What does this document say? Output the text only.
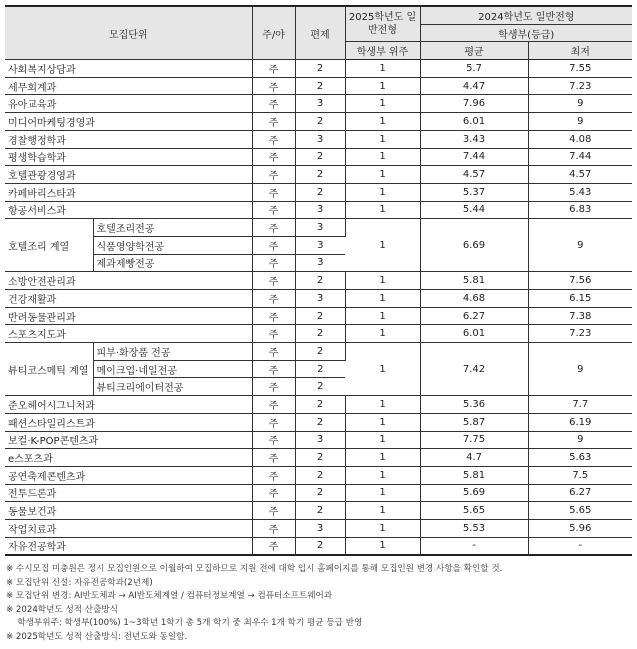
모집단위		주/야	편제	2025학년도 일반전형	2024학년도 일반전형	
					학생부(등급)	
				학생부 위주	평균	최저
사회복지상담과		주	2	1	5.7	7.55
세무회계과		주	2	1	4.47	7.23
유아교육과		주	3	1	7.96	9
미디어마케팅경영과		주	2	1	6.01	9
경찰행정학과		주	3	1	3.43	4.08
평생학습학과		주	2	1	7.44	7.44
호텔관광경영과		주	2	1	4.57	4.57
카페바리스타과		주	2	1	5.37	5.43
항공서비스과		주	3	1	5.44	6.83
호텔조리 계열	호텔조리전공	주	3	1	6.69	9
	식품영양학전공	주	3			
	제과제빵전공	주	3			
소방안전관리과		주	2	1	5.81	7.56
건강재활과		주	3	1	4.68	6.15
반려동물관리과		주	2	1	6.27	7.38
스포츠지도과		주	2	1	6.01	7.23
뷰티코스메틱 계열	피부·화장품 전공	주	2	1	7.42	9
	메이크업·네일전공	주	2			
	뷰티크리에이터전공	주	2			
준오헤어시그니처과		주	2	1	5.36	7.7
패션스타일리스트과		주	2	1	5.87	6.19
보컬·K-POP콘텐츠과		주	3	1	7.75	9
e스포츠과		주	2	1	4.7	5.63
공연축제콘텐츠과		주	2	1	5.81	7.5
전투드론과		주	2	1	5.69	6.27
동물보건과		주	2	1	5.65	5.65
작업치료과		주	3	1	5.53	5.96
자유전공학과		주	2	1	-	-
※ 수시모집 미충원은 정시 모집인원으로 이월하여 모집하므로 지원 전에 대학 입시 홈페이지를 통해 모집인원 변경 사항을 확인할 것.
※ 모집단위 신설: 자유전공학과(2년제)
※ 모집단위 변경: AI반도체과 → AI반도체계열 / 컴퓨터정보계열 → 컴퓨터소프트웨어과
※ 2024학년도 성적 산출방식
　 학생부위주: 학생부(100%) 1~3학년 1학기 총 5개 학기 중 최우수 1개 학기 평균 등급 반영
※ 2025학년도 성적 산출방식: 전년도와 동일함.
